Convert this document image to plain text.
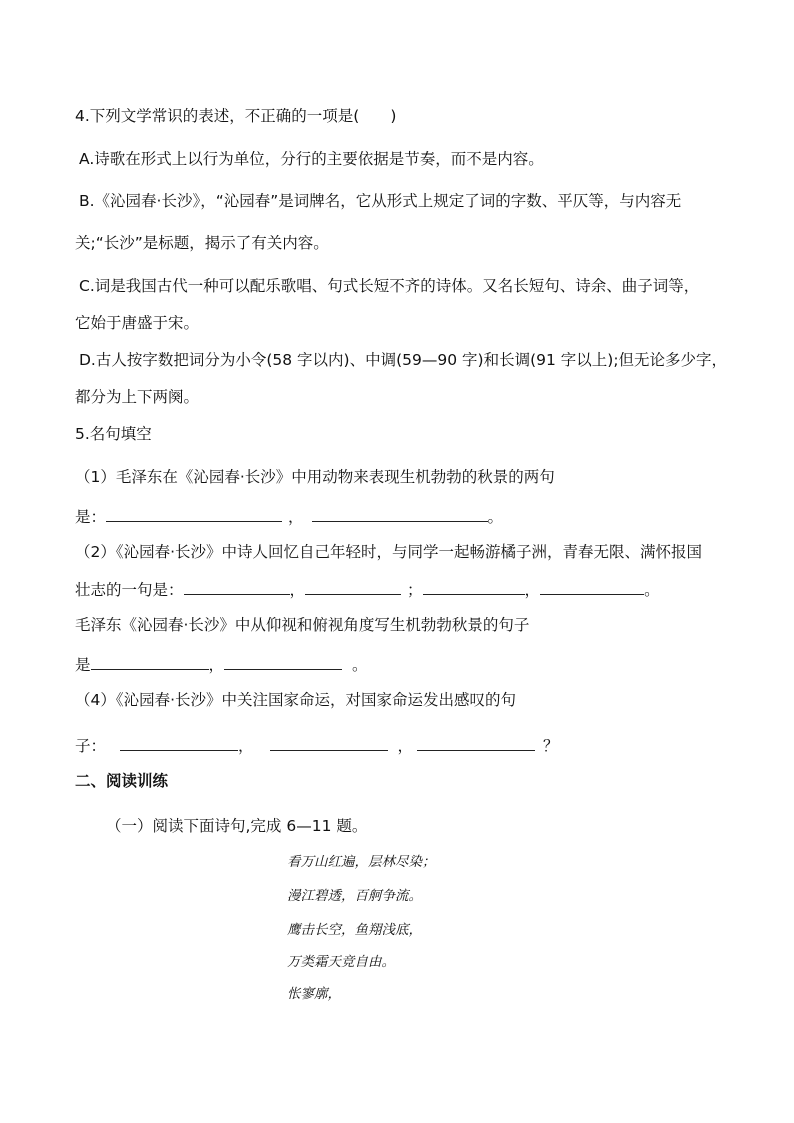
4.下列文学常识的表述，不正确的一项是(　　)
A.诗歌在形式上以行为单位，分行的主要依据是节奏，而不是内容。
B.《沁园春·长沙》，“沁园春”是词牌名，它从形式上规定了词的字数、平仄等，与内容无
关;“长沙”是标题，揭示了有关内容。
C.词是我国古代一种可以配乐歌唱、句式长短不齐的诗体。又名长短句、诗余、曲子词等，
它始于唐盛于宋。
D.古人按字数把词分为小令(58 字以内)、中调(59—90 字)和长调(91 字以上);但无论多少字，
都分为上下两阕。
5.名句填空
（1）毛泽东在《沁园春·长沙》中用动物来表现生机勃勃的秋景的两句
是：	，	。
（2）《沁园春·长沙》中诗人回忆自己年轻时，与同学一起畅游橘子洲，青春无限、满怀报国
壮志的一句是：	，	；	，	。
毛泽东《沁园春·长沙》中从仰视和俯视角度写生机勃勃秋景的句子
是	，	。
（4）《沁园春·长沙》中关注国家命运，对国家命运发出感叹的句
子：	，	，	？
二、阅读训练
（一）阅读下面诗句,完成 6—11 题。
看万山红遍，层林尽染；
漫江碧透，百舸争流。
鹰击长空，鱼翔浅底，
万类霜天竞自由。
怅寥廓，
